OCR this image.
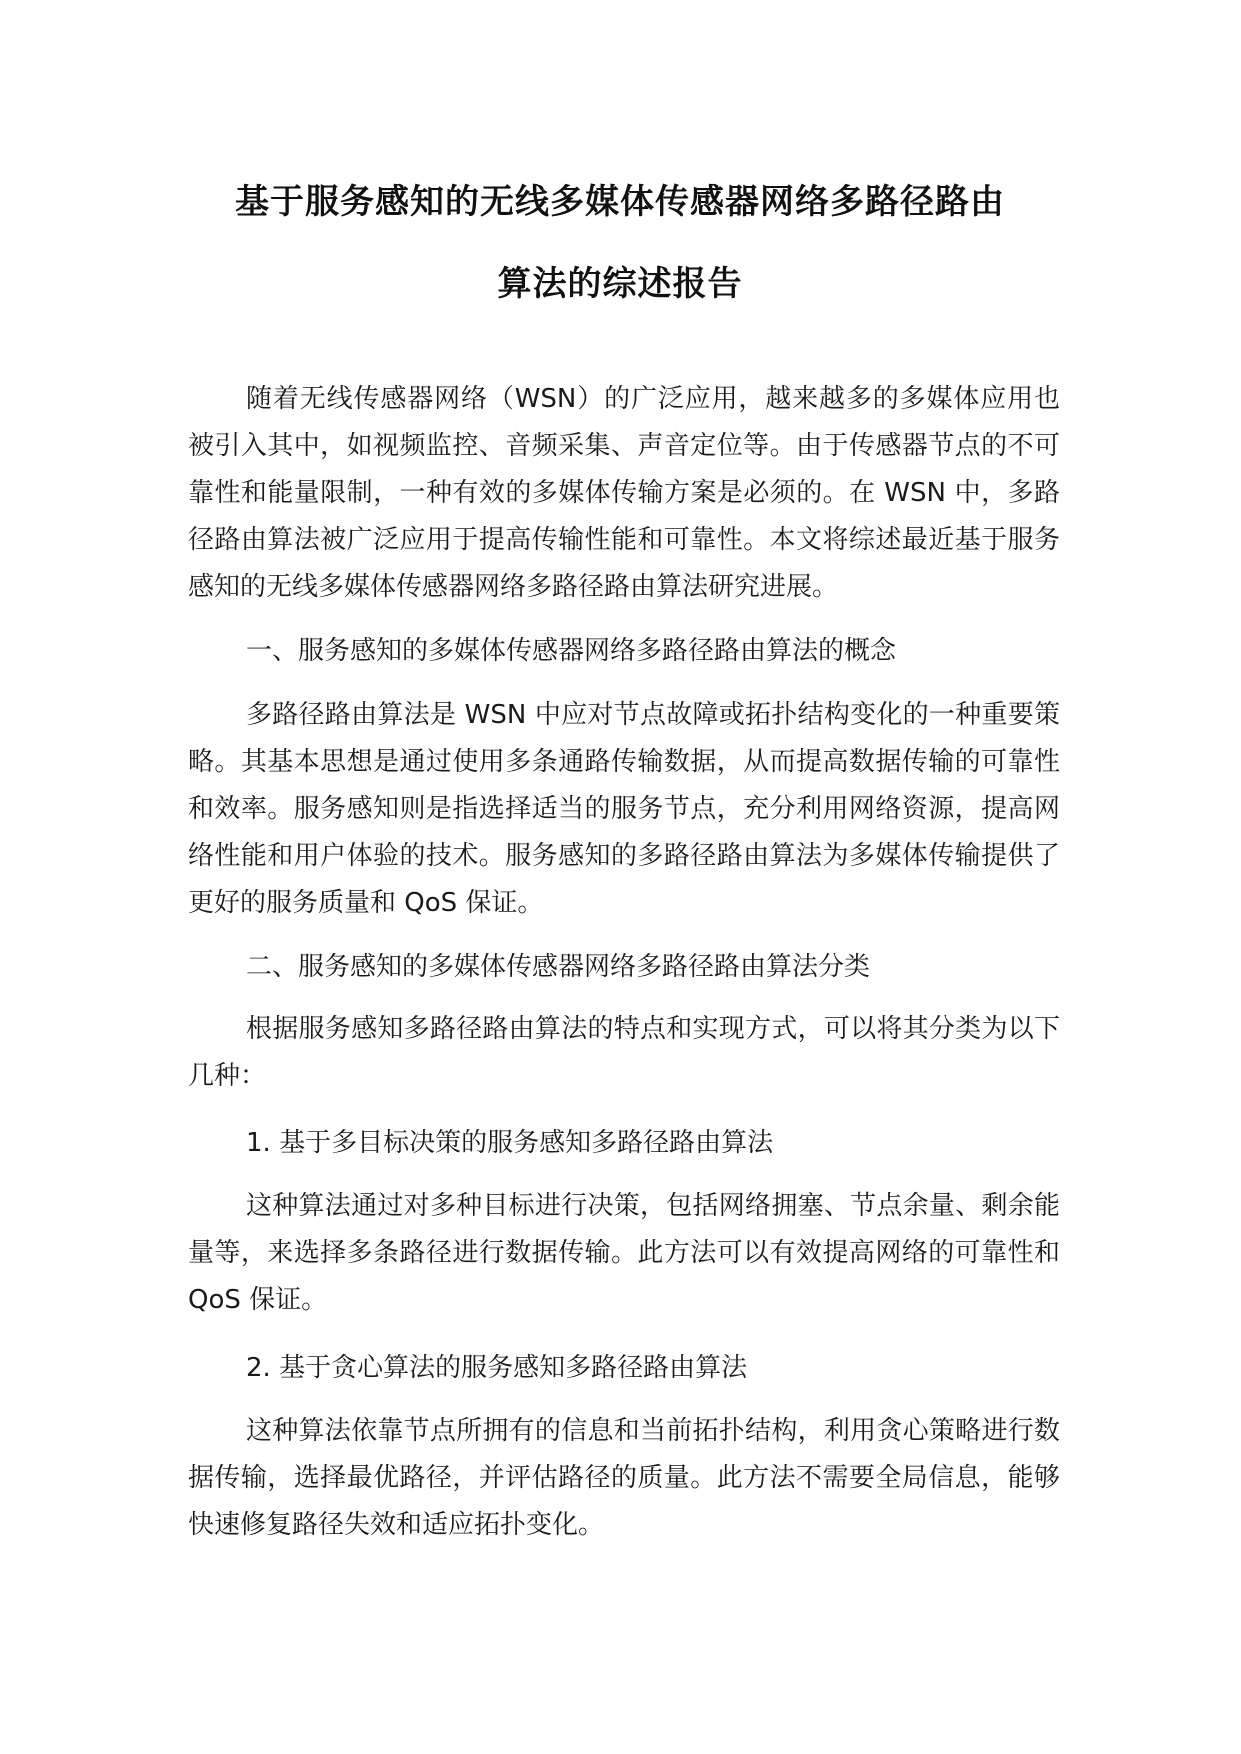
基于服务感知的无线多媒体传感器网络多路径路由
算法的综述报告
随着无线传感器网络（WSN）的广泛应用，越来越多的多媒体应用也被引入其中，如视频监控、音频采集、声音定位等。由于传感器节点的不可靠性和能量限制，一种有效的多媒体传输方案是必须的。在 WSN 中，多路径路由算法被广泛应用于提高传输性能和可靠性。本文将综述最近基于服务感知的无线多媒体传感器网络多路径路由算法研究进展。
一、服务感知的多媒体传感器网络多路径路由算法的概念
多路径路由算法是 WSN 中应对节点故障或拓扑结构变化的一种重要策略。其基本思想是通过使用多条通路传输数据，从而提高数据传输的可靠性和效率。服务感知则是指选择适当的服务节点，充分利用网络资源，提高网络性能和用户体验的技术。服务感知的多路径路由算法为多媒体传输提供了更好的服务质量和 QoS 保证。
二、服务感知的多媒体传感器网络多路径路由算法分类
根据服务感知多路径路由算法的特点和实现方式，可以将其分类为以下几种：
1. 基于多目标决策的服务感知多路径路由算法
这种算法通过对多种目标进行决策，包括网络拥塞、节点余量、剩余能量等，来选择多条路径进行数据传输。此方法可以有效提高网络的可靠性和 QoS 保证。
2. 基于贪心算法的服务感知多路径路由算法
这种算法依靠节点所拥有的信息和当前拓扑结构，利用贪心策略进行数据传输，选择最优路径，并评估路径的质量。此方法不需要全局信息，能够快速修复路径失效和适应拓扑变化。
